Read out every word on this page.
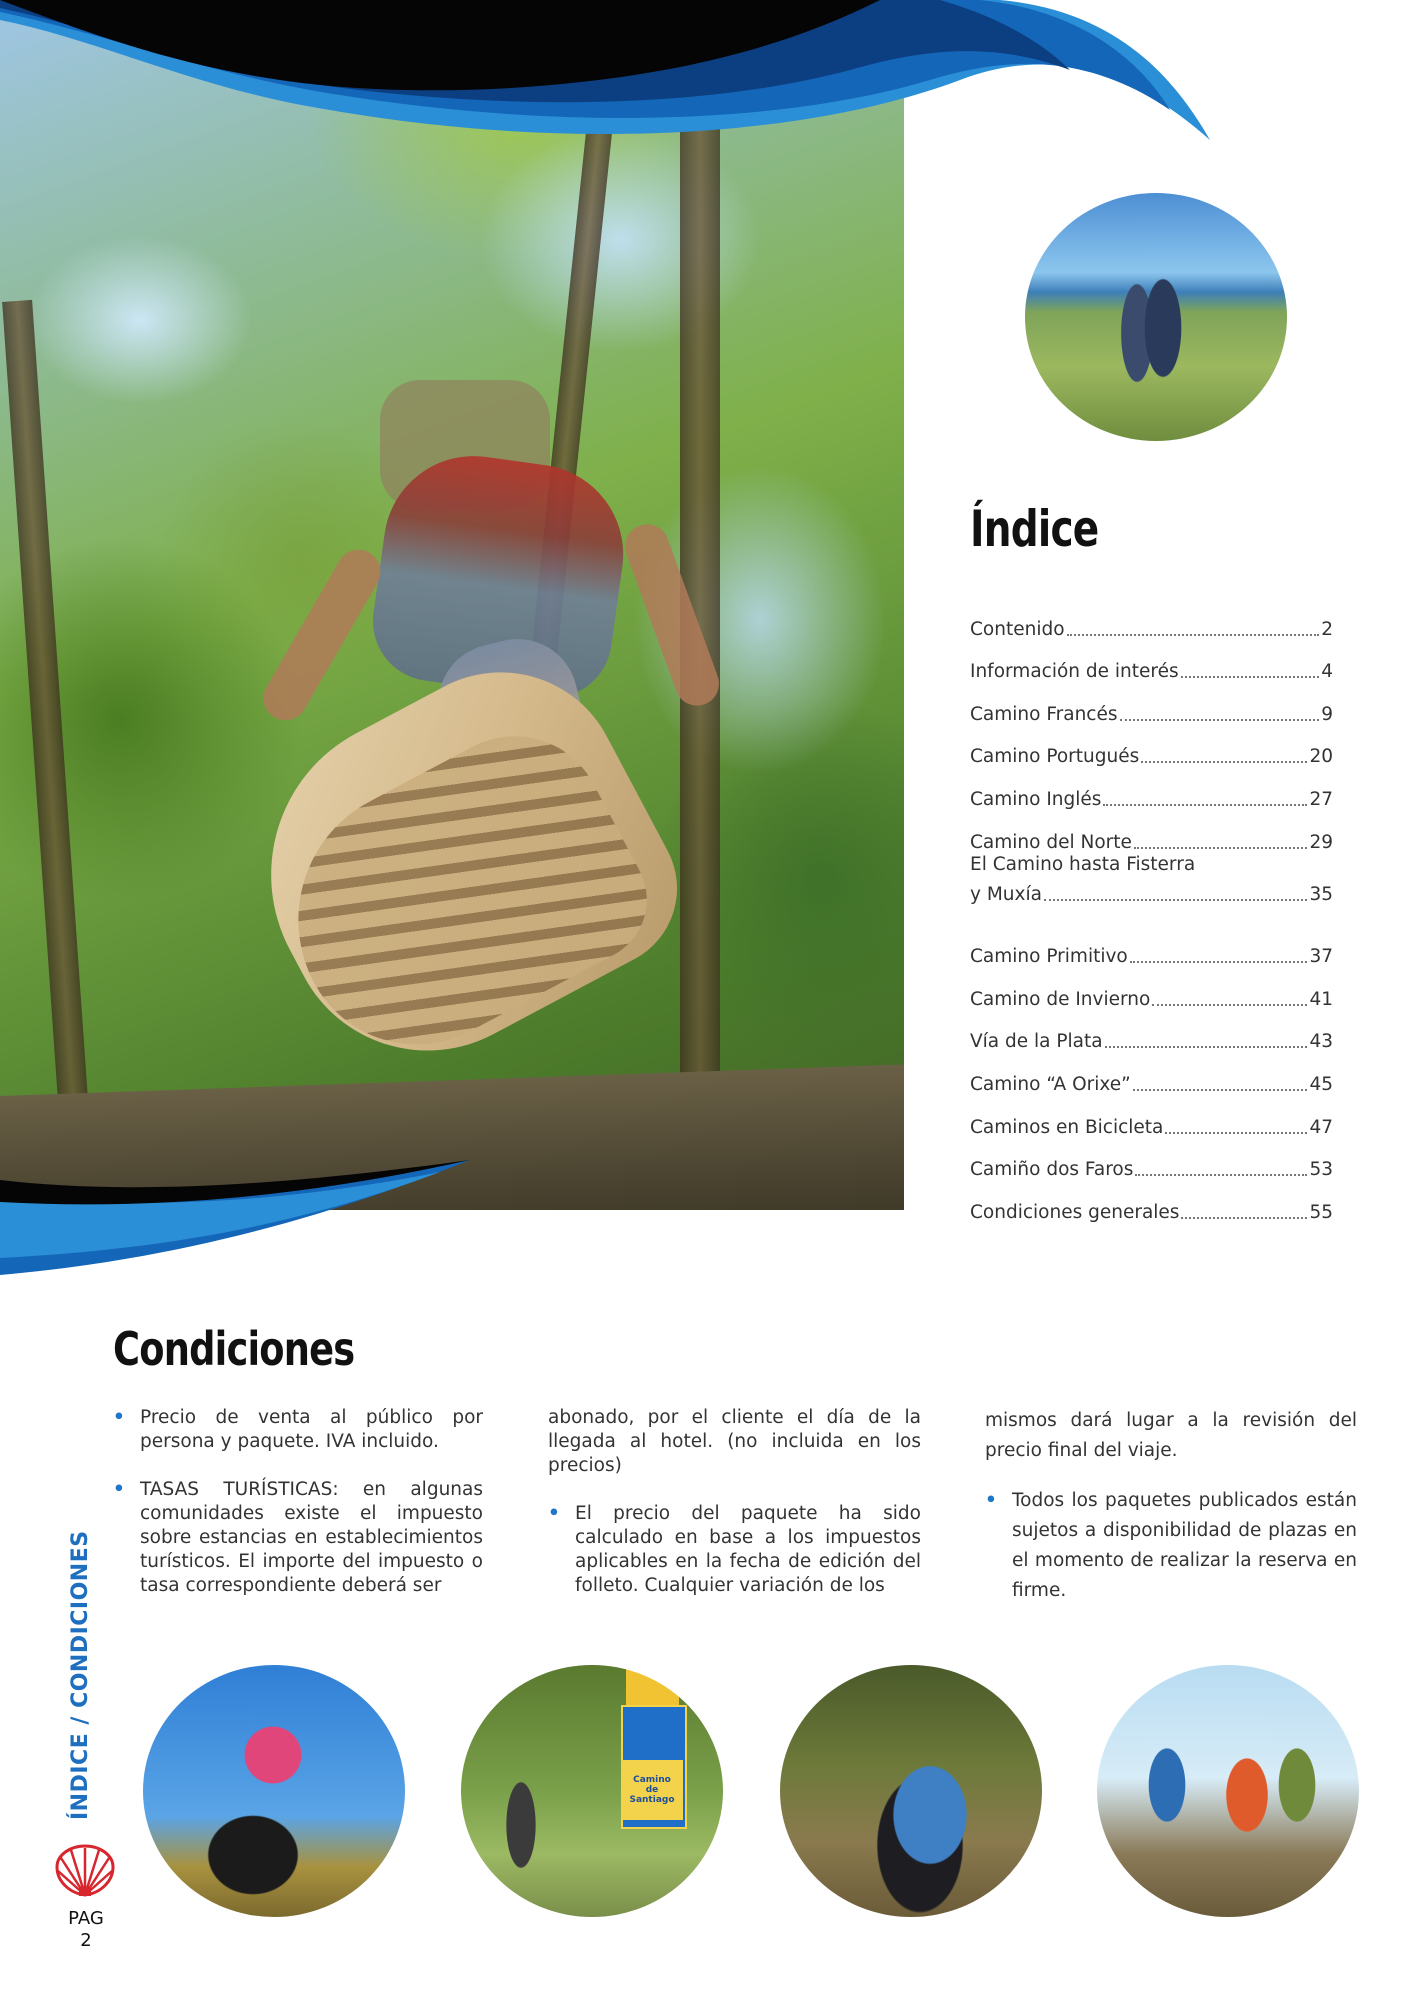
Índice
Contenido	2
Información de interés	4
Camino Francés	9
Camino Portugués	20
Camino Inglés	27
Camino del Norte	29
El Camino hasta Fisterra
y Muxía	35
Camino Primitivo	37
Camino de Invierno	41
Vía de la Plata	43
Camino “A Orixe”	45
Caminos en Bicicleta	47
Camiño dos Faros	53
Condiciones generales	55
Condiciones

• Precio de venta al público por persona y paquete. IVA incluido.

• TASAS TURÍSTICAS: en algunas comunidades existe el impuesto sobre estancias en establecimientos turísticos. El importe del impuesto o tasa correspondiente deberá ser

abonado, por el cliente el día de la llegada al hotel. (no incluida en los precios)

• El precio del paquete ha sido calculado en base a los impuestos aplicables en la fecha de edición del folleto. Cualquier variación de los

mismos dará lugar a la revisión del precio final del viaje.

• Todos los paquetes publicados están sujetos a disponibilidad de plazas en el momento de realizar la reserva en firme.

Camino
de
Santiago
ÍNDICE / CONDICIONES
PAG
2
